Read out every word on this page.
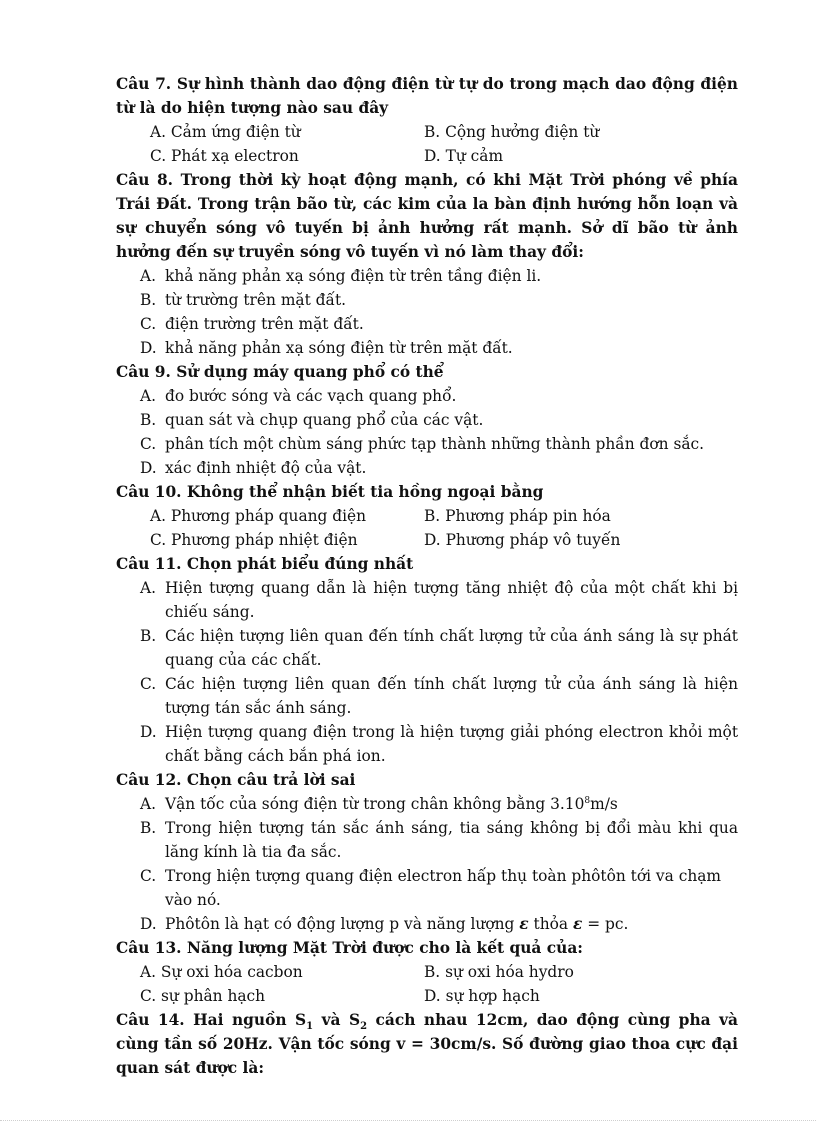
Câu 7. Sự hình thành dao động điện từ tự do trong mạch dao động điện từ là do hiện tượng nào sau đây

A. Cảm ứng điện từ	B. Cộng hưởng điện từ
C. Phát xạ electron	D. Tự cảm

Câu 8. Trong thời kỳ hoạt động mạnh, có khi Mặt Trời phóng về phía Trái Đất. Trong trận bão từ, các kim của la bàn định hướng hỗn loạn và sự chuyển sóng vô tuyến bị ảnh hưởng rất mạnh. Sở dĩ bão từ ảnh hưởng đến sự truyền sóng vô tuyến vì nó làm thay đổi:

A. khả năng phản xạ sóng điện từ trên tầng điện li.
B. từ trường trên mặt đất.
C. điện trường trên mặt đất.
D. khả năng phản xạ sóng điện từ trên mặt đất.

Câu 9. Sử dụng máy quang phổ có thể

A. đo bước sóng và các vạch quang phổ.
B. quan sát và chụp quang phổ của các vật.
C. phân tích một chùm sáng phức tạp thành những thành phần đơn sắc.
D. xác định nhiệt độ của vật.

Câu 10. Không thể nhận biết tia hồng ngoại bằng

A. Phương pháp quang điện	B. Phương pháp pin hóa
C. Phương pháp nhiệt điện	D. Phương pháp vô tuyến

Câu 11. Chọn phát biểu đúng nhất

A. Hiện tượng quang dẫn là hiện tượng tăng nhiệt độ của một chất khi bị chiếu sáng.
B. Các hiện tượng liên quan đến tính chất lượng tử của ánh sáng là sự phát quang của các chất.
C. Các hiện tượng liên quan đến tính chất lượng tử của ánh sáng là hiện tượng tán sắc ánh sáng.
D. Hiện tượng quang điện trong là hiện tượng giải phóng electron khỏi một chất bằng cách bắn phá ion.

Câu 12. Chọn câu trả lời sai

A. Vận tốc của sóng điện từ trong chân không bằng 3.10$^8$m/s
B. Trong hiện tượng tán sắc ánh sáng, tia sáng không bị đổi màu khi qua lăng kính là tia đa sắc.
C. Trong hiện tượng quang điện electron hấp thụ toàn phôtôn tới va chạm vào nó.
D. Phôtôn là hạt có động lượng p và năng lượng ε thỏa ε = pc.

Câu 13. Năng lượng Mặt Trời được cho là kết quả của:

A. Sự oxi hóa cacbon	B. sự oxi hóa hydro
C. sự phân hạch	D. sự hợp hạch

Câu 14. Hai nguồn $S_1$ và $S_2$ cách nhau 12cm, dao động cùng pha và cùng tần số 20Hz. Vận tốc sóng v = 30cm/s. Số đường giao thoa cực đại quan sát được là:
